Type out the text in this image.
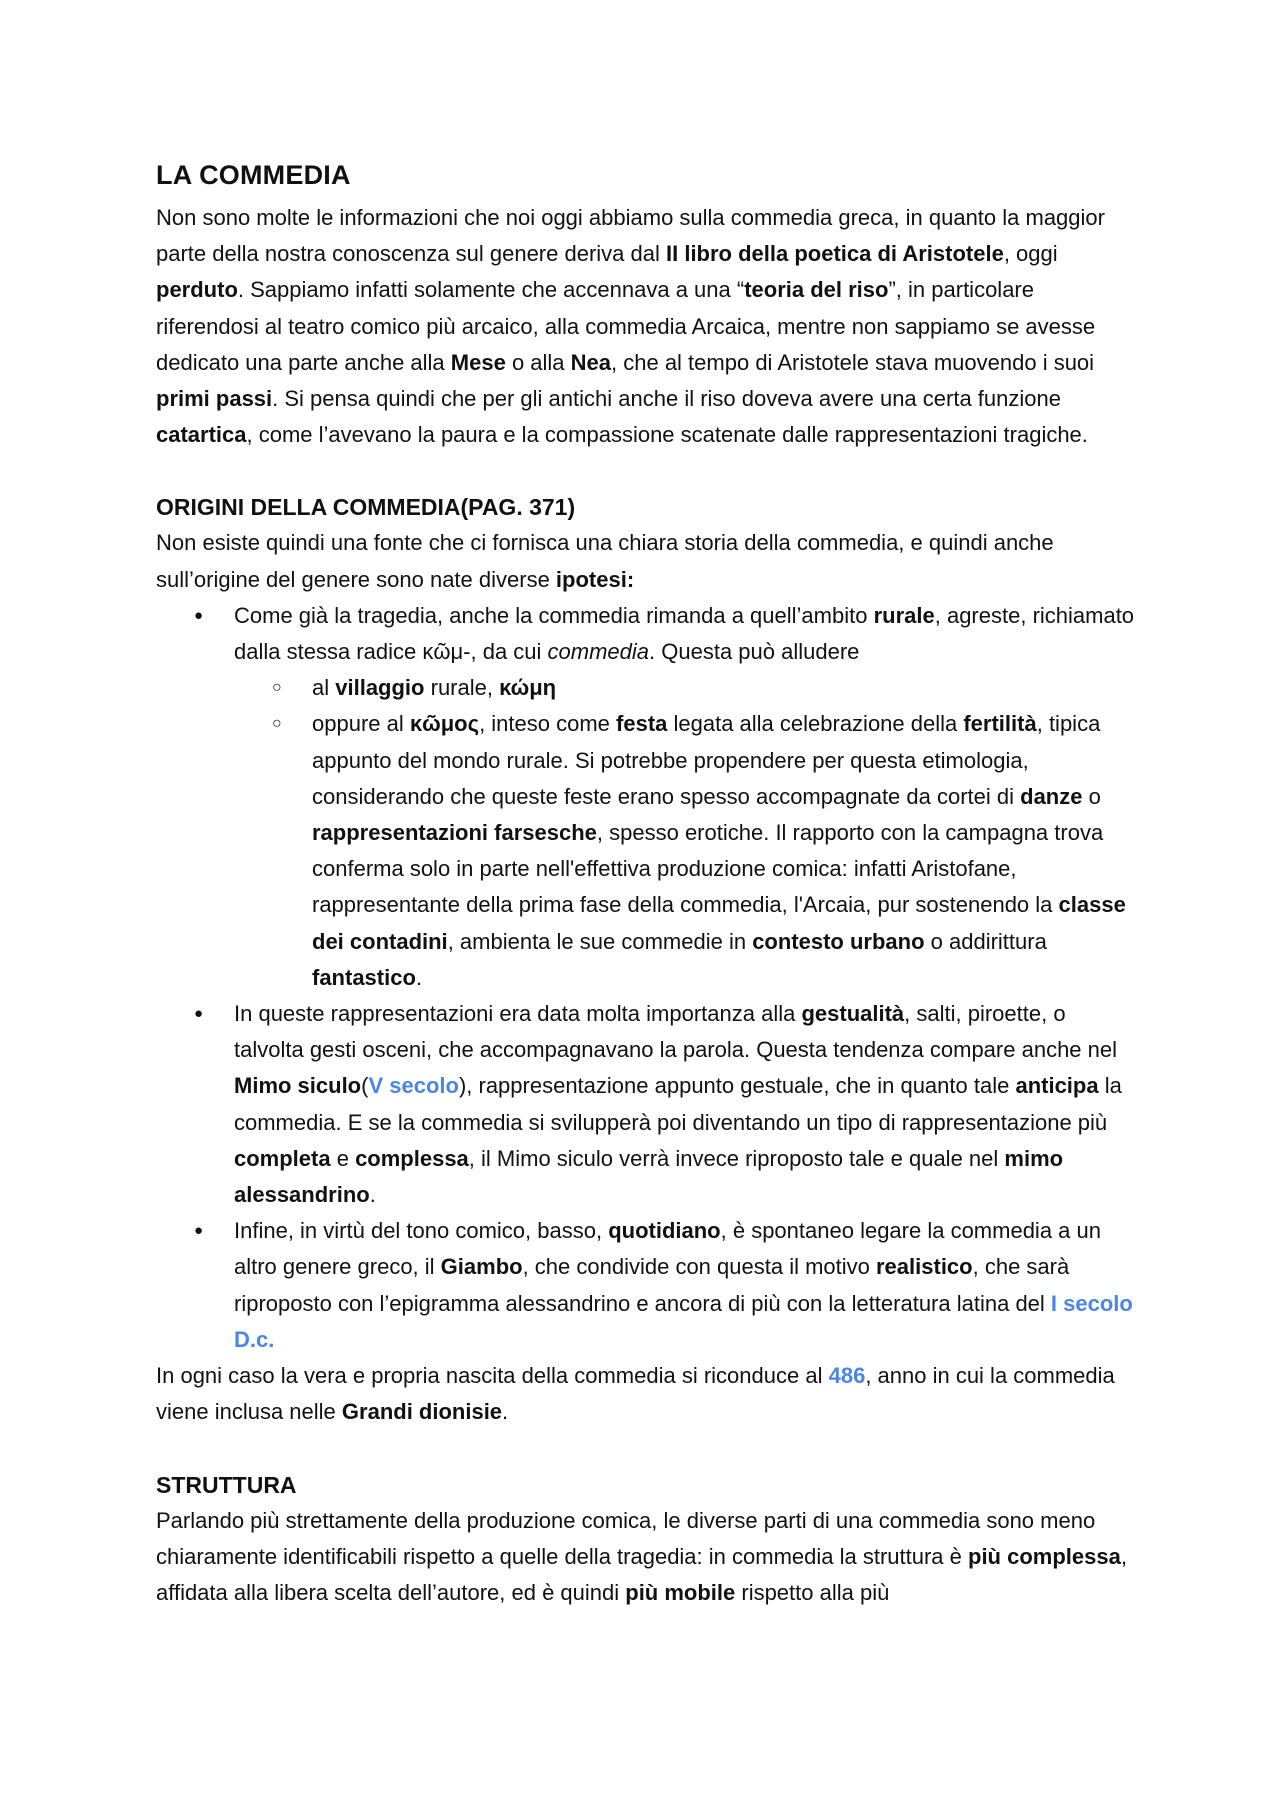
LA COMMEDIA

Non sono molte le informazioni che noi oggi abbiamo sulla commedia greca, in quanto la maggior parte della nostra conoscenza sul genere deriva dal II libro della poetica di Aristotele, oggi perduto. Sappiamo infatti solamente che accennava a una “teoria del riso”, in particolare riferendosi al teatro comico più arcaico, alla commedia Arcaica, mentre non sappiamo se avesse dedicato una parte anche alla Mese o alla Nea, che al tempo di Aristotele stava muovendo i suoi primi passi. Si pensa quindi che per gli antichi anche il riso doveva avere una certa funzione catartica, come l’avevano la paura e la compassione scatenate dalle rappresentazioni tragiche.

ORIGINI DELLA COMMEDIA(PAG. 371)

Non esiste quindi una fonte che ci fornisca una chiara storia della commedia, e quindi anche sull’origine del genere sono nate diverse ipotesi:

● Come già la tragedia, anche la commedia rimanda a quell’ambito rurale, agreste, richiamato dalla stessa radice κῶμ-, da cui commedia. Questa può alludere
○ al villaggio rurale, κώμη
○ oppure al κῶμος, inteso come festa legata alla celebrazione della fertilità, tipica appunto del mondo rurale. Si potrebbe propendere per questa etimologia, considerando che queste feste erano spesso accompagnate da cortei di danze o rappresentazioni farsesche, spesso erotiche. Il rapporto con la campagna trova conferma solo in parte nell'effettiva produzione comica: infatti Aristofane, rappresentante della prima fase della commedia, l'Arcaia, pur sostenendo la classe dei contadini, ambienta le sue commedie in contesto urbano o addirittura fantastico.
● In queste rappresentazioni era data molta importanza alla gestualità, salti, piroette, o talvolta gesti osceni, che accompagnavano la parola. Questa tendenza compare anche nel Mimo siculo(V secolo), rappresentazione appunto gestuale, che in quanto tale anticipa la commedia. E se la commedia si svilupperà poi diventando un tipo di rappresentazione più completa e complessa, il Mimo siculo verrà invece riproposto tale e quale nel mimo alessandrino.
● Infine, in virtù del tono comico, basso, quotidiano, è spontaneo legare la commedia a un altro genere greco, il Giambo, che condivide con questa il motivo realistico, che sarà riproposto con l’epigramma alessandrino e ancora di più con la letteratura latina del I secolo D.c.

In ogni caso la vera e propria nascita della commedia si riconduce al 486, anno in cui la commedia viene inclusa nelle Grandi dionisie.

STRUTTURA

Parlando più strettamente della produzione comica, le diverse parti di una commedia sono meno chiaramente identificabili rispetto a quelle della tragedia: in commedia la struttura è più complessa, affidata alla libera scelta dell’autore, ed è quindi più mobile rispetto alla più
